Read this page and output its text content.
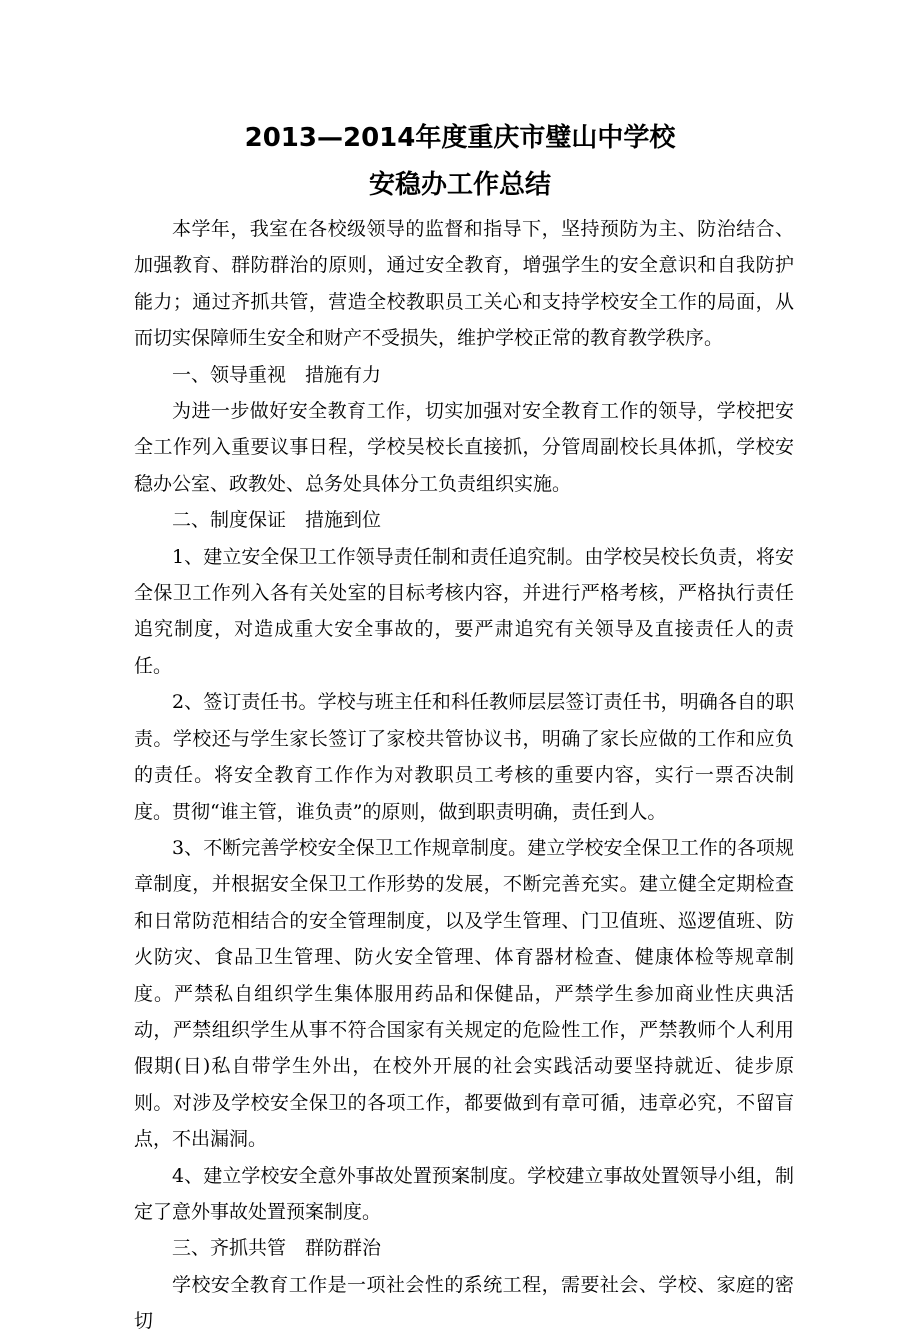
2013—2014年度重庆市璧山中学校
安稳办工作总结

本学年，我室在各校级领导的监督和指导下，坚持预防为主、防治结合、加强教育、群防群治的原则，通过安全教育，增强学生的安全意识和自我防护能力；通过齐抓共管，营造全校教职员工关心和支持学校安全工作的局面，从而切实保障师生安全和财产不受损失，维护学校正常的教育教学秩序。

一、领导重视　措施有力

为进一步做好安全教育工作，切实加强对安全教育工作的领导，学校把安全工作列入重要议事日程，学校吴校长直接抓，分管周副校长具体抓，学校安稳办公室、政教处、总务处具体分工负责组织实施。

二、制度保证　措施到位

1、建立安全保卫工作领导责任制和责任追究制。由学校吴校长负责，将安全保卫工作列入各有关处室的目标考核内容，并进行严格考核，严格执行责任追究制度，对造成重大安全事故的，要严肃追究有关领导及直接责任人的责任。

2、签订责任书。学校与班主任和科任教师层层签订责任书，明确各自的职责。学校还与学生家长签订了家校共管协议书，明确了家长应做的工作和应负的责任。将安全教育工作作为对教职员工考核的重要内容，实行一票否决制度。贯彻“谁主管，谁负责”的原则，做到职责明确，责任到人。

3、不断完善学校安全保卫工作规章制度。建立学校安全保卫工作的各项规章制度，并根据安全保卫工作形势的发展，不断完善充实。建立健全定期检查和日常防范相结合的安全管理制度，以及学生管理、门卫值班、巡逻值班、防火防灾、食品卫生管理、防火安全管理、体育器材检查、健康体检等规章制度。严禁私自组织学生集体服用药品和保健品，严禁学生参加商业性庆典活动，严禁组织学生从事不符合国家有关规定的危险性工作，严禁教师个人利用假期(日)私自带学生外出，在校外开展的社会实践活动要坚持就近、徒步原则。对涉及学校安全保卫的各项工作，都要做到有章可循，违章必究，不留盲点，不出漏洞。

4、建立学校安全意外事故处置预案制度。学校建立事故处置领导小组，制定了意外事故处置预案制度。

三、齐抓共管　群防群治

学校安全教育工作是一项社会性的系统工程，需要社会、学校、家庭的密切
